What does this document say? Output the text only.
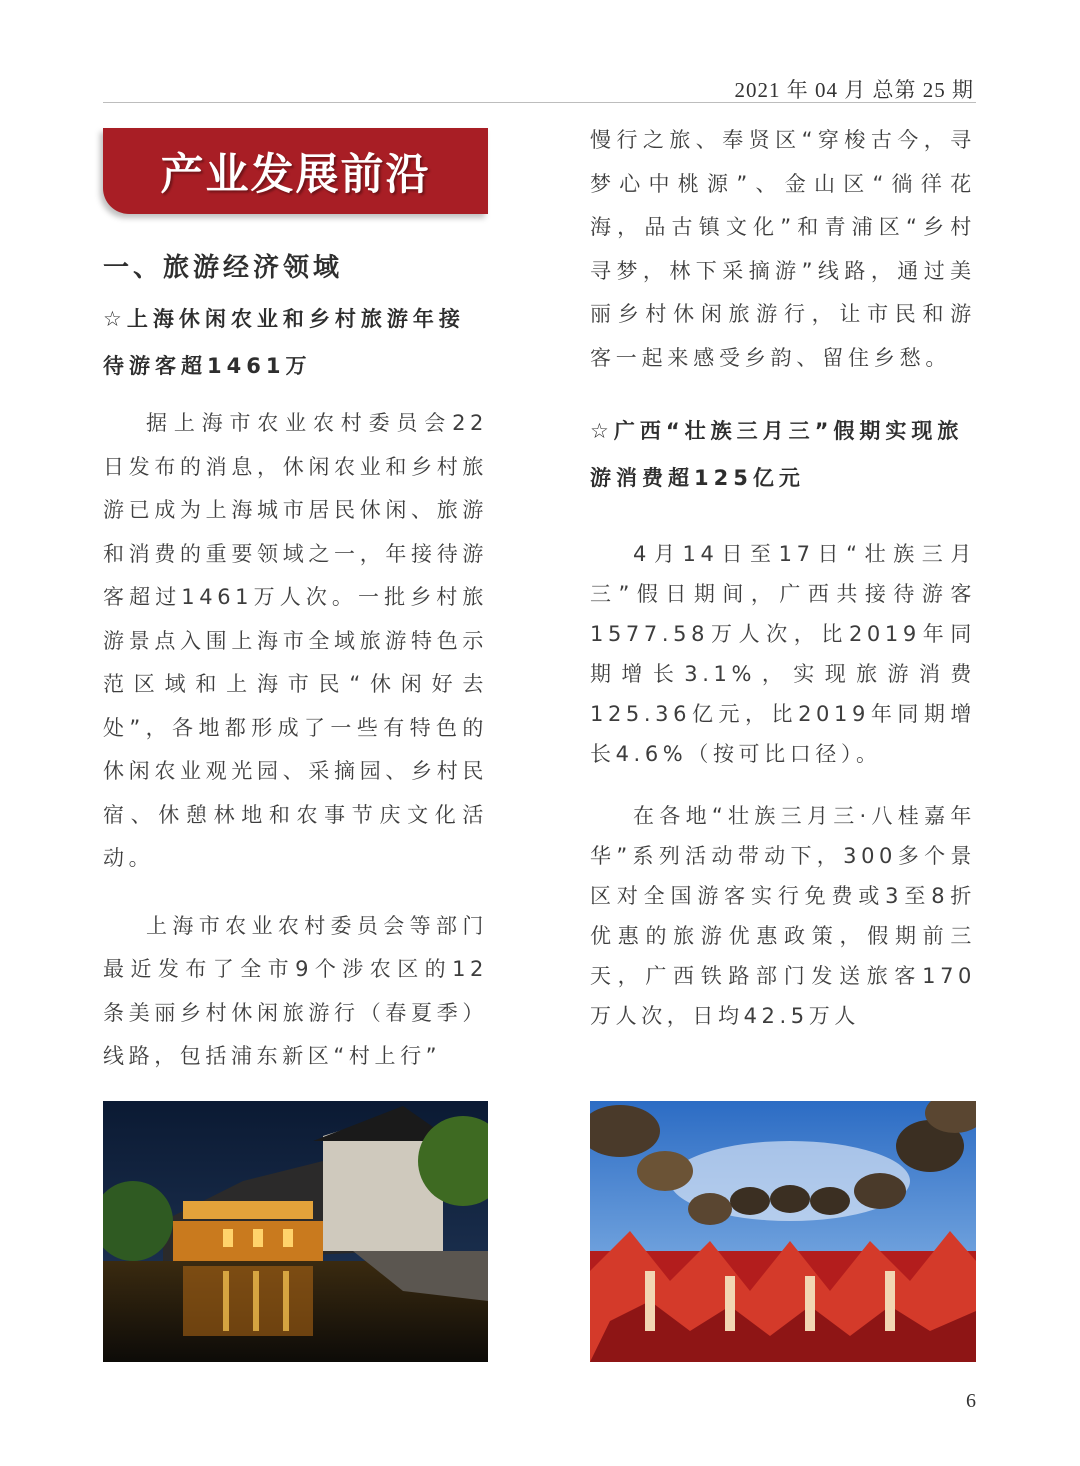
2021 年 04 月 总第 25 期
产业发展前沿
一、旅游经济领域
☆上海休闲农业和乡村旅游年接待游客超1461万

据上海市农业农村委员会22日发布的消息，休闲农业和乡村旅游已成为上海城市居民休闲、旅游和消费的重要领域之一，年接待游客超过1461万人次。一批乡村旅游景点入围上海市全域旅游特色示范区域和上海市民“休闲好去处”，各地都形成了一些有特色的休闲农业观光园、采摘园、乡村民宿、休憩林地和农事节庆文化活动。

上海市农业农村委员会等部门最近发布了全市9个涉农区的12条美丽乡村休闲旅游行（春夏季）线路，包括浦东新区“村上行”

慢行之旅、奉贤区“穿梭古今，寻梦心中桃源”、金山区“徜徉花海，品古镇文化”和青浦区“乡村寻梦，林下采摘游”线路，通过美丽乡村休闲旅游行，让市民和游客一起来感受乡韵、留住乡愁。

☆广西“壮族三月三”假期实现旅游消费超125亿元

4月14日至17日“壮族三月三”假日期间，广西共接待游客1577.58万人次，比2019年同期增长3.1%，实现旅游消费125.36亿元，比2019年同期增长4.6%（按可比口径）。

在各地“壮族三月三·八桂嘉年华”系列活动带动下，300多个景区对全国游客实行免费或3至8折优惠的旅游优惠政策，假期前三天，广西铁路部门发送旅客170万人次，日均42.5万人

6
